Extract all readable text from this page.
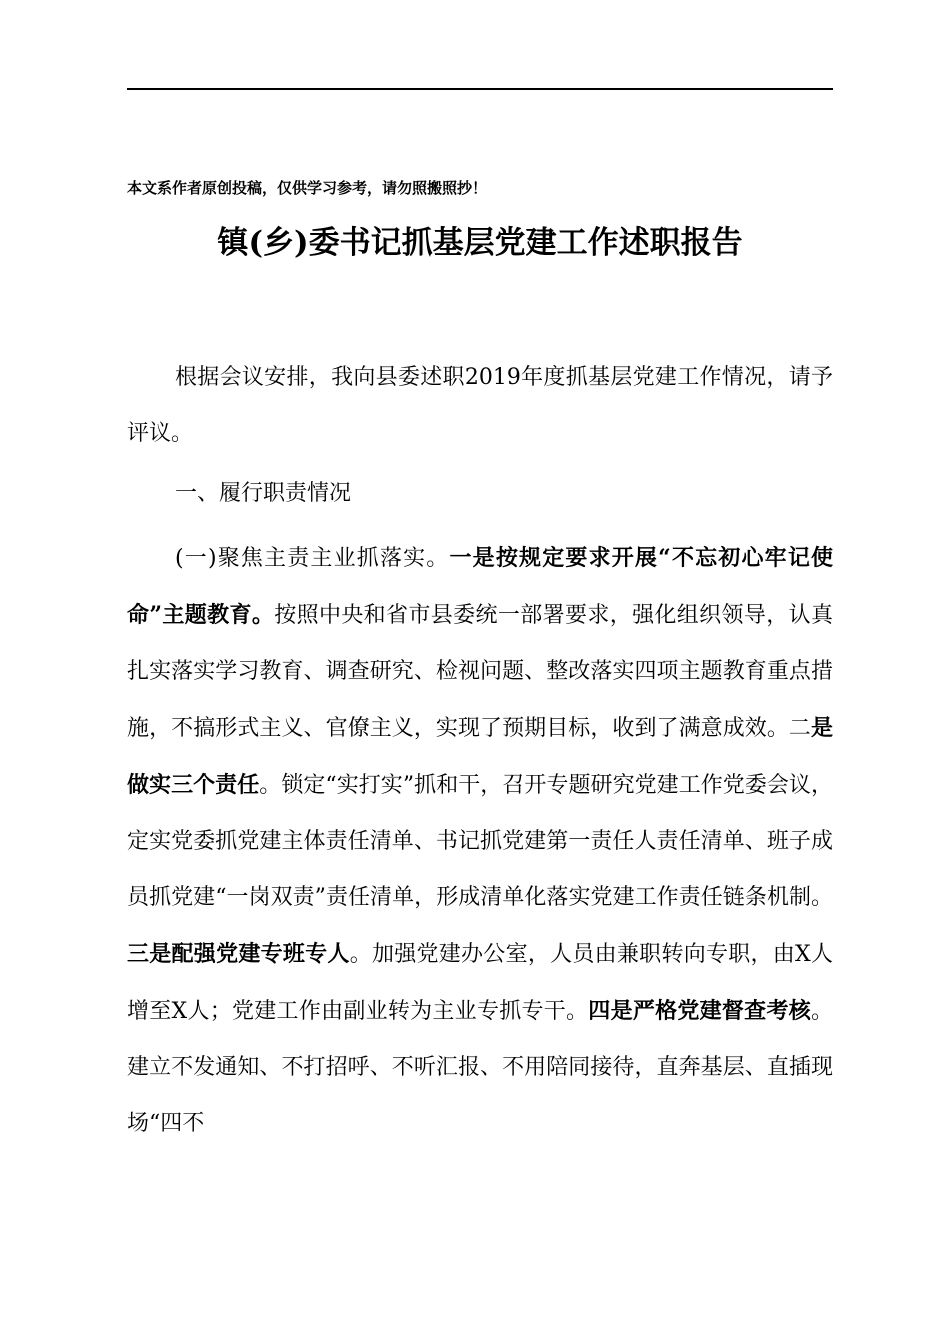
本文系作者原创投稿，仅供学习参考，请勿照搬照抄！
镇(乡)委书记抓基层党建工作述职报告

根据会议安排，我向县委述职2019年度抓基层党建工作情况，请予评议。

一、履行职责情况

(一)聚焦主责主业抓落实。一是按规定要求开展“不忘初心牢记使命”主题教育。按照中央和省市县委统一部署要求，强化组织领导，认真扎实落实学习教育、调查研究、检视问题、整改落实四项主题教育重点措施，不搞形式主义、官僚主义，实现了预期目标，收到了满意成效。二是做实三个责任。锁定“实打实”抓和干，召开专题研究党建工作党委会议，定实党委抓党建主体责任清单、书记抓党建第一责任人责任清单、班子成员抓党建“一岗双责”责任清单，形成清单化落实党建工作责任链条机制。三是配强党建专班专人。加强党建办公室，人员由兼职转向专职，由X人增至X人；党建工作由副业转为主业专抓专干。四是严格党建督查考核。建立不发通知、不打招呼、不听汇报、不用陪同接待，直奔基层、直插现场“四不
